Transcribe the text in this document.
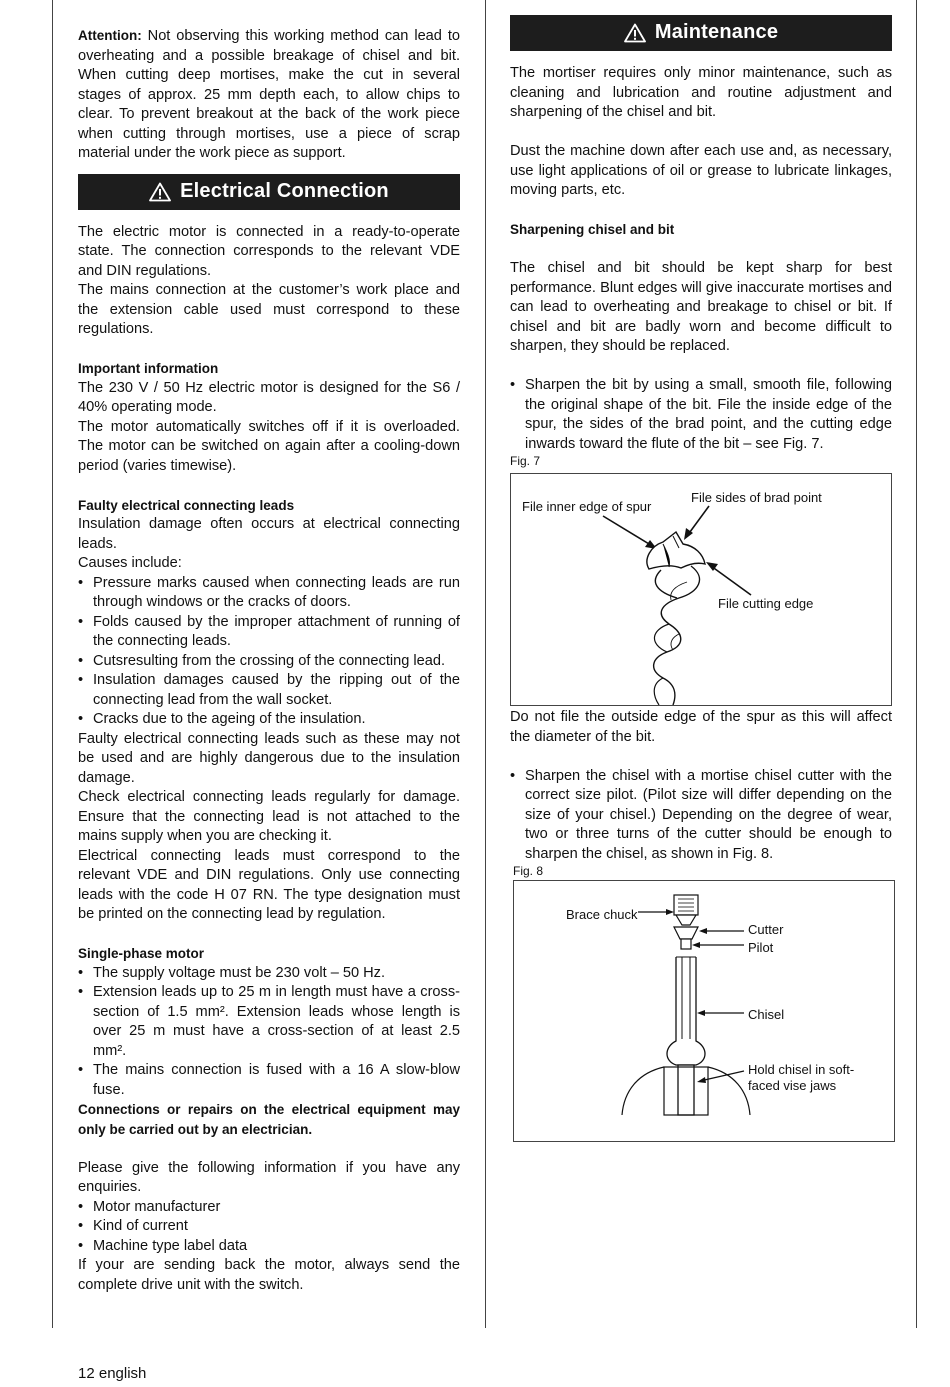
Attention: Not observing this working method can lead to overheating and a possible breakage of chisel and bit. When cutting deep mortises, make the cut in several stages of approx. 25 mm depth each, to allow chips to clear. To prevent breakout at the back of the work piece when cutting through mortises, use a piece of scrap material under the work piece as support.

Electrical Connection

The electric motor is connected in a ready-to-operate state. The connection corresponds to the relevant VDE and DIN regulations.

The mains connection at the customer’s work place and the extension cable used must correspond to these regulations.

Important information

The 230 V / 50 Hz electric motor is designed for the S6 / 40% operating mode.

The motor automatically switches off if it is overloaded. The motor can be switched on again after a cooling-down period (varies timewise).

Faulty electrical connecting leads

Insulation damage often occurs at electrical connecting leads.

Causes include:

• Pressure marks caused when connecting leads are run through windows or the cracks of doors.
• Folds caused by the improper attachment of running of the connecting leads.
• Cutsresulting from the crossing of the connecting lead.
• Insulation damages caused by the ripping out of the connecting lead from the wall socket.
• Cracks due to the ageing of the insulation.

Faulty electrical connecting leads such as these may not be used and are highly dangerous due to the insulation damage.

Check electrical connecting leads regularly for damage. Ensure that the connecting lead is not attached to the mains supply when you are checking it.

Electrical connecting leads must correspond to the relevant VDE and DIN regulations. Only use connecting leads with the code H 07 RN. The type designation must be printed on the connecting lead by regulation.

Single-phase motor

• The supply voltage must be 230 volt – 50 Hz.
• Extension leads up to 25 m in length must have a cross-section of 1.5 mm². Extension leads whose length is over 25 m must have a cross-section of at least 2.5 mm².
• The mains connection is fused with a 16 A slow-blow fuse.

Connections or repairs on the electrical equipment may only be carried out by an electrician.

Please give the following information if you have any enquiries.

• Motor manufacturer
• Kind of current
• Machine type label data

If your are sending back the motor, always send the complete drive unit with the switch.

Maintenance

The mortiser requires only minor maintenance, such as cleaning and lubrication and routine adjustment and sharpening of the chisel and bit.

Dust the machine down after each use and, as necessary, use light applications of oil or grease to lubricate linkages, moving parts, etc.

Sharpening chisel and bit

The chisel and bit should be kept sharp for best performance. Blunt edges will give inaccurate mortises and can lead to overheating and breakage to chisel or bit. If chisel and bit are badly worn and become difficult to sharpen, they should be replaced.

• Sharpen the bit by using a small, smooth file, following the original shape of the bit. File the inside edge of the spur, the sides of the brad point, and the cutting edge inwards toward the flute of the bit – see Fig. 7.
Fig. 7
File inner edge of spur
File sides of brad point
File cutting edge

Do not file the outside edge of the spur as this will affect the diameter of the bit.

• Sharpen the chisel with a mortise chisel cutter with the correct size pilot. (Pilot size will differ depending on the size of your chisel.) Depending on the degree of wear, two or three turns of the cutter should be enough to sharpen the chisel, as shown in Fig. 8.
Fig. 8
Brace chuck
Cutter
Pilot
Chisel
Hold chisel in soft-
faced vise jaws
12 english
